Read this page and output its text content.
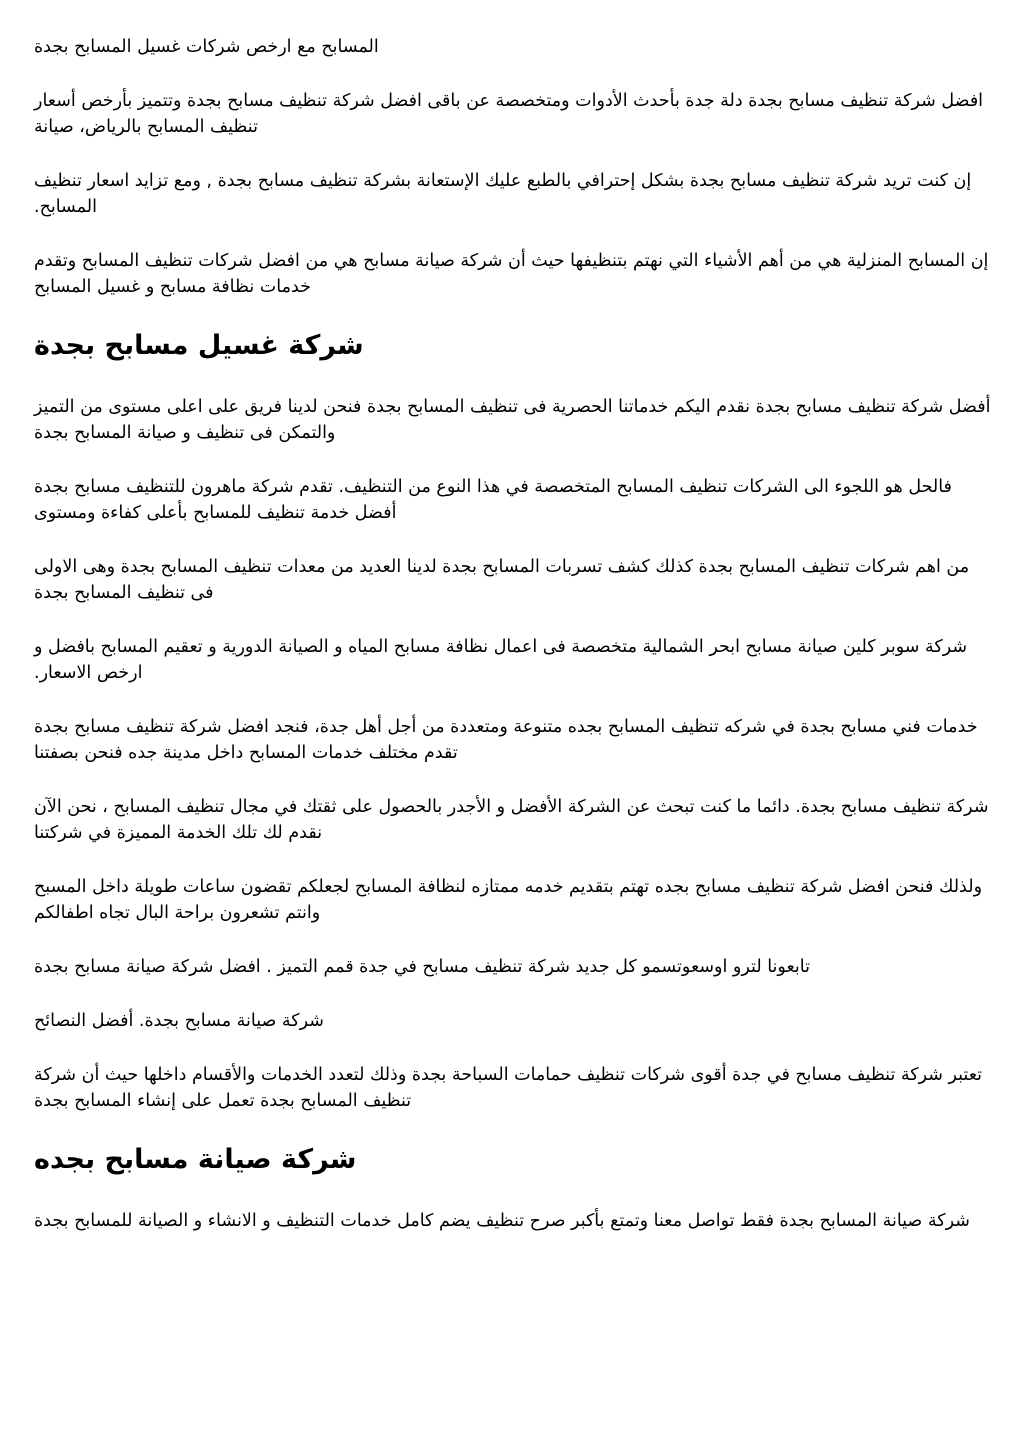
المسابح مع ارخص شركات غسيل المسابح بجدة

افضل شركة تنظيف مسابح بجدة دلة جدة بأحدث الأدوات ومتخصصة عن باقى افضل شركة تنظيف مسابح بجدة وتتميز بأرخص أسعار تنظيف المسابح بالرياض، صيانة

إن كنت تريد شركة تنظيف مسابح بجدة بشكل إحترافي بالطبع عليك الإستعانة بشركة تنظيف مسابح بجدة , ومع تزايد اسعار تنظيف المسابح.

إن المسابح المنزلية هي من أهم الأشياء التي نهتم بتنظيفها حيث أن شركة صيانة مسابح هي من افضل شركات تنظيف المسابح وتقدم خدمات نظافة مسابح و غسيل المسابح

شركة غسيل مسابح بجدة

أفضل شركة تنظيف مسابح بجدة نقدم اليكم خدماتنا الحصرية فى تنظيف المسابح بجدة فنحن لدينا فريق على اعلى مستوى من التميز والتمكن فى تنظيف و صيانة المسابح بجدة

فالحل هو اللجوء الى الشركات تنظيف المسابح المتخصصة في هذا النوع من التنظيف. تقدم شركة ماهرون للتنظيف مسابح بجدة أفضل خدمة تنظيف للمسابح بأعلى كفاءة ومستوى

من اهم شركات تنظيف المسابح بجدة كذلك كشف تسربات المسابح بجدة لدينا العديد من معدات تنظيف المسابح بجدة وهى الاولى فى تنظيف المسابح بجدة

شركة سوبر كلين صيانة مسابح ابحر الشمالية متخصصة فى اعمال نظافة مسابح المياه و الصيانة الدورية و تعقيم المسابح بافضل و ارخص الاسعار.

خدمات فني مسابح بجدة في شركه تنظيف المسابح بجده متنوعة ومتعددة من أجل أهل جدة، فنجد افضل شركة تنظيف مسابح بجدة تقدم مختلف خدمات المسابح داخل مدينة جده فنحن بصفتنا

شركة تنظيف مسابح بجدة. دائما ما كنت تبحث عن الشركة الأفضل و الأجدر بالحصول على ثقتك في مجال تنظيف المسابح ، نحن الآن نقدم لك تلك الخدمة المميزة في شركتنا

ولذلك فنحن افضل شركة تنظيف مسابح بجده تهتم بتقديم خدمه ممتازه لنظافة المسابح لجعلكم تقضون ساعات طويلة داخل المسبح وانتم تشعرون براحة البال تجاه اطفالكم

تابعونا لترو اوسعوتسمو كل جديد شركة تنظيف مسابح في جدة قمم التميز . افضل شركة صيانة مسابح بجدة

شركة صيانة مسابح بجدة. أفضل النصائح

تعتبر شركة تنظيف مسابح في جدة أقوى شركات تنظيف حمامات السباحة بجدة وذلك لتعدد الخدمات والأقسام داخلها حيث أن شركة تنظيف المسابح بجدة تعمل على إنشاء المسابح بجدة

شركة صيانة مسابح بجده

شركة صيانة المسابح بجدة فقط تواصل معنا وتمتع بأكبر صرح تنظيف يضم كامل خدمات التنظيف و الانشاء و الصيانة للمسابح بجدة
